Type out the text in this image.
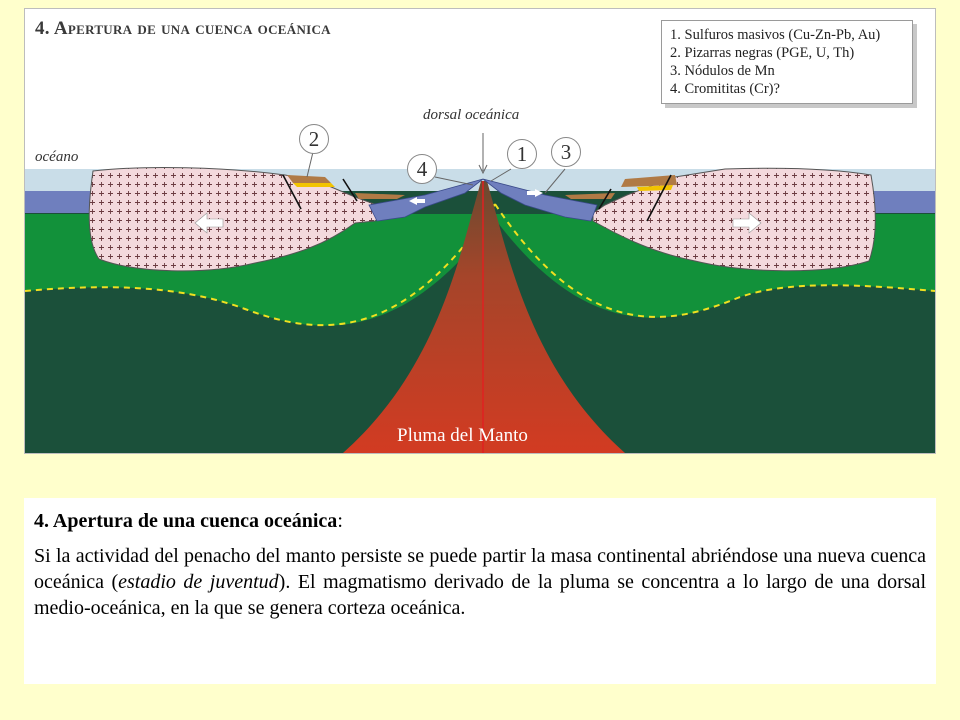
4. Apertura de una cuenca oceánica	1. Sulfuros masivos (Cu-Zn-Pb, Au)
2. Pizarras negras (PGE, U, Th)
3. Nódulos de Mn
4. Cromititas (Cr)?
océano
dorsal oceánica
Pluma del Manto
2
4
1	3

4. Apertura de una cuenca oceánica:

Si la actividad del penacho del manto persiste se puede partir la masa continental abriéndose una nueva cuenca oceánica (estadio de juventud). El magmatismo derivado de la pluma se concentra a lo largo de una dorsal medio-oceánica, en la que se genera corteza oceánica.
